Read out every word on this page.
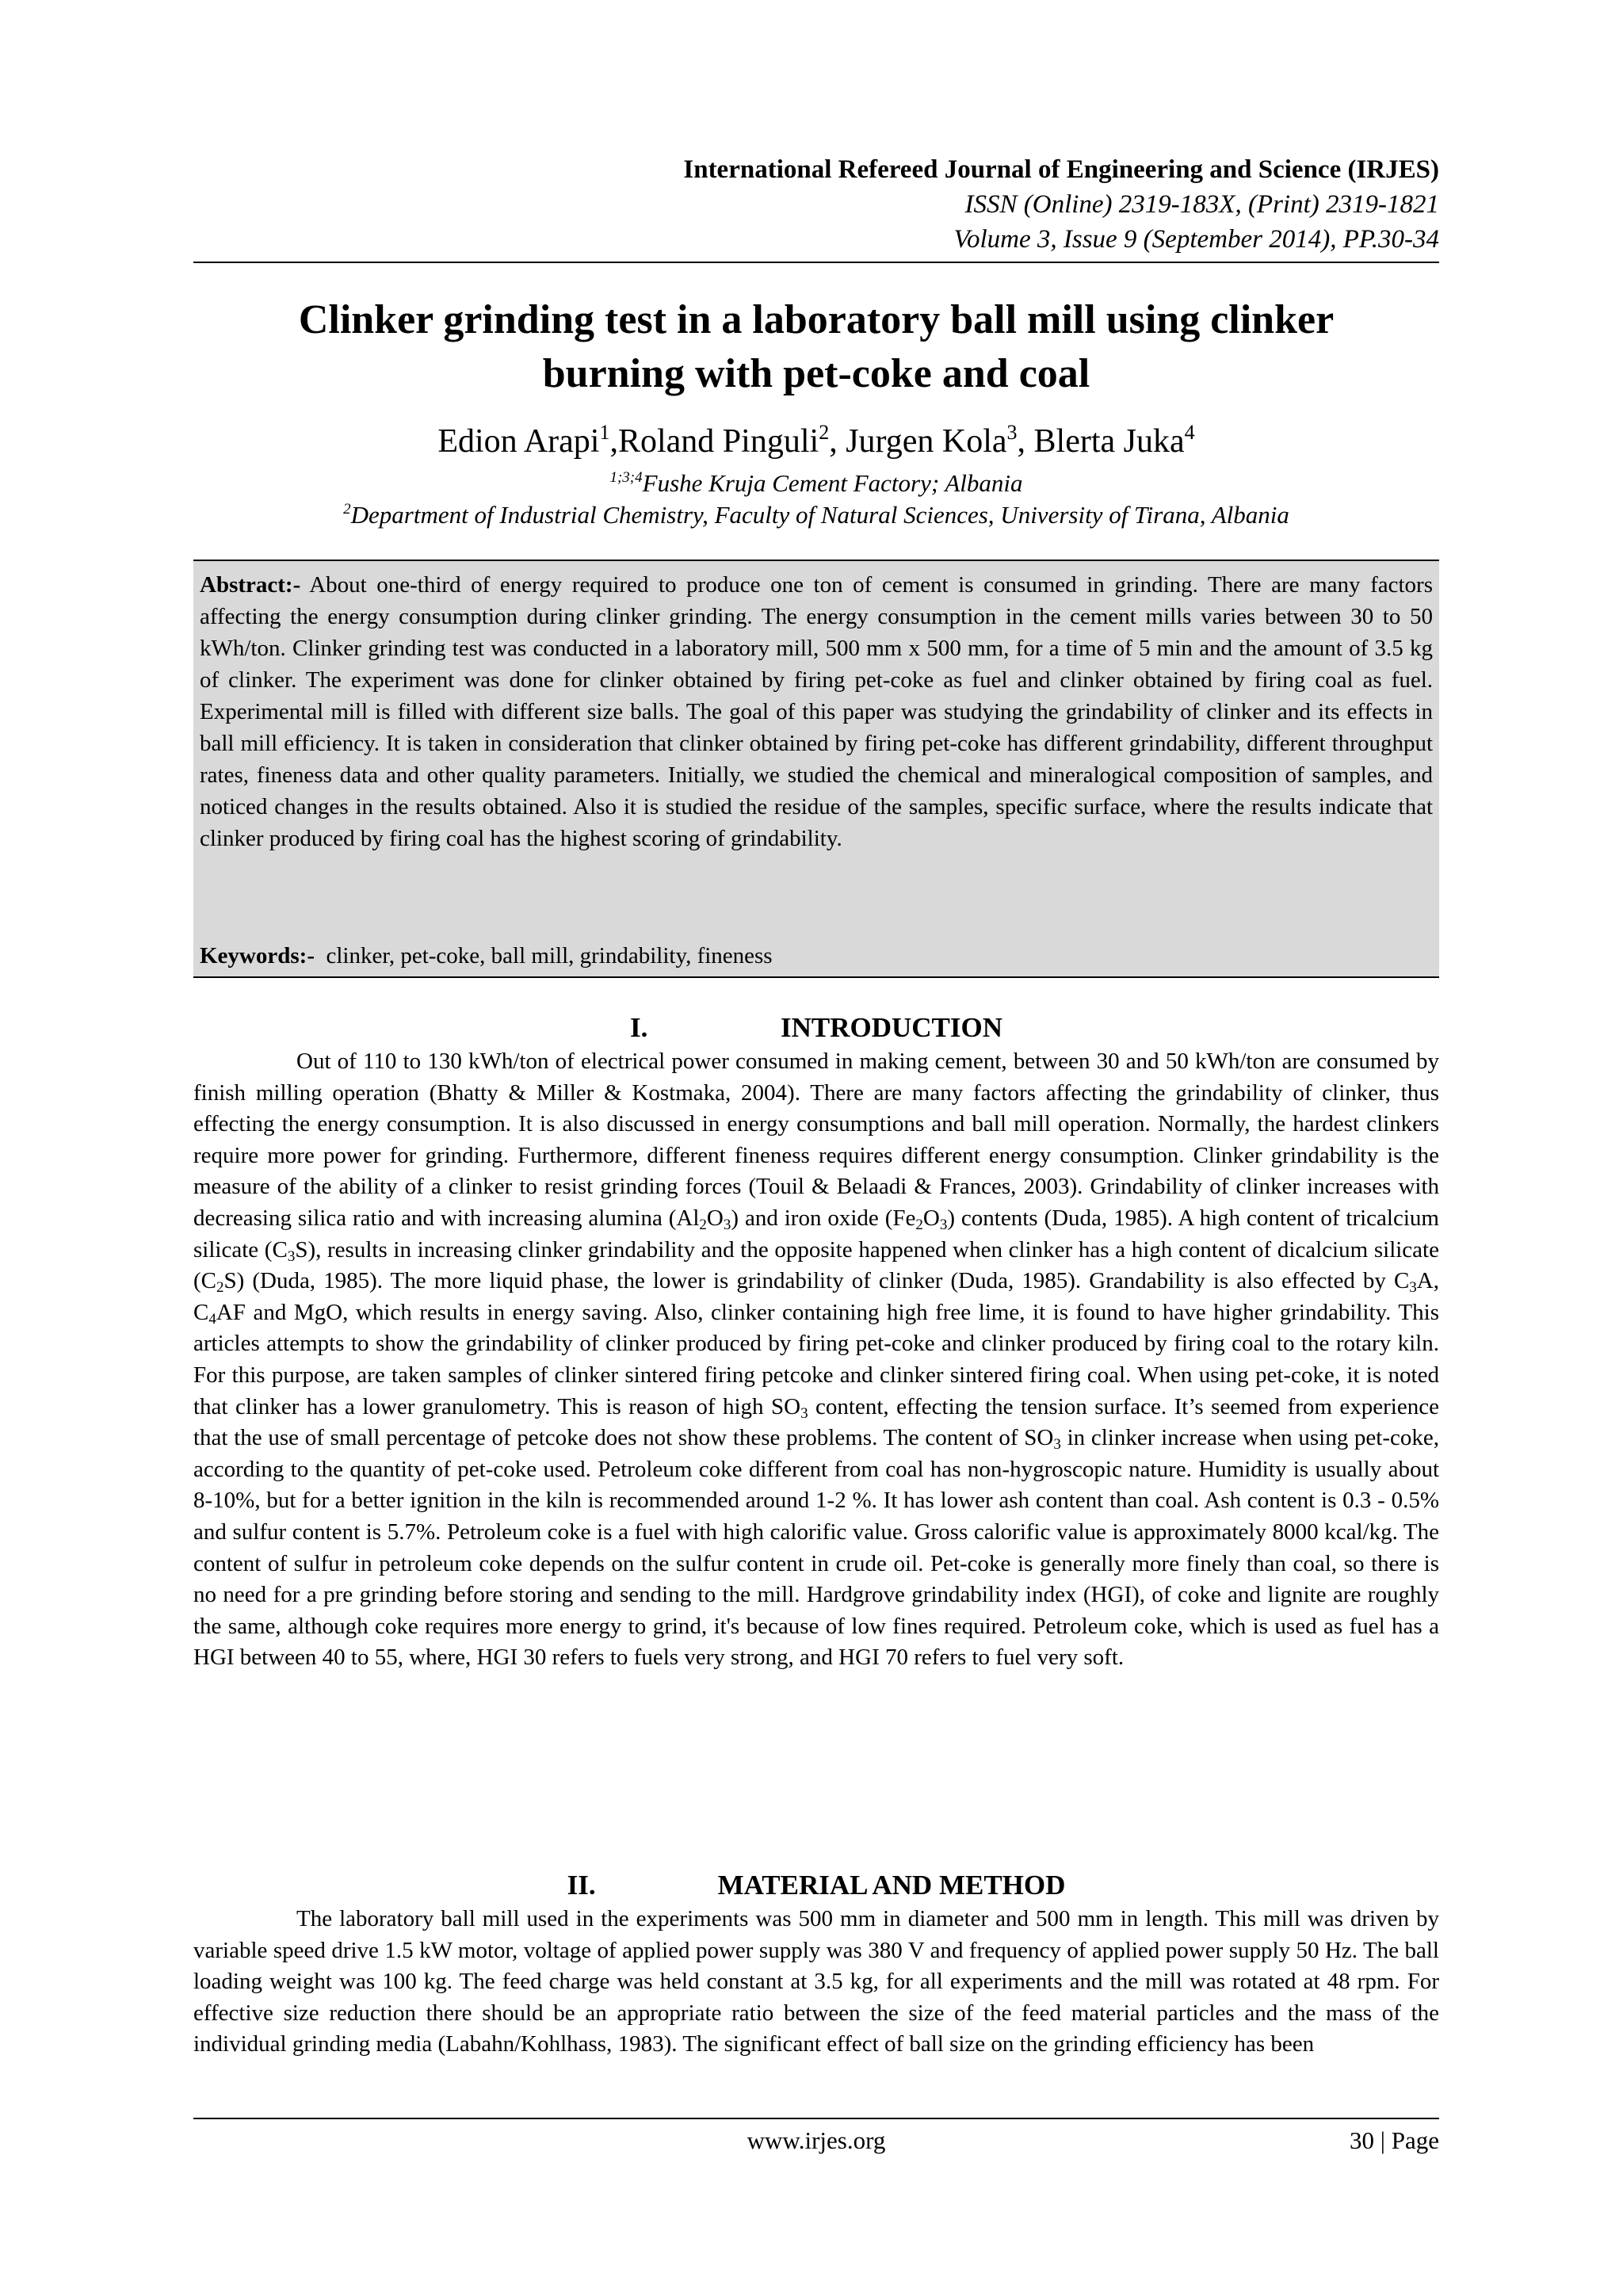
International Refereed Journal of Engineering and Science (IRJES)
ISSN (Online) 2319-183X, (Print) 2319-1821
Volume 3, Issue 9 (September 2014), PP.30-34
Clinker grinding test in a laboratory ball mill using clinker
burning with pet-coke and coal
Edion Arapi$^1$,Roland Pinguli$^2$, Jurgen Kola$^3$, Blerta Juka$^4$
$^{1;3;4}$Fushe Kruja Cement Factory; Albania
$^2$Department of Industrial Chemistry, Faculty of Natural Sciences, University of Tirana, Albania
Abstract:- About one-third of energy required to produce one ton of cement is consumed in grinding. There are many factors affecting the energy consumption during clinker grinding. The energy consumption in the cement mills varies between 30 to 50 kWh/ton. Clinker grinding test was conducted in a laboratory mill, 500 mm x 500 mm, for a time of 5 min and the amount of 3.5 kg of clinker. The experiment was done for clinker obtained by firing pet-coke as fuel and clinker obtained by firing coal as fuel. Experimental mill is filled with different size balls. The goal of this paper was studying the grindability of clinker and its effects in ball mill efficiency. It is taken in consideration that clinker obtained by firing pet-coke has different grindability, different throughput rates, fineness data and other quality parameters. Initially, we studied the chemical and mineralogical composition of samples, and noticed changes in the results obtained. Also it is studied the residue of the samples, specific surface, where the results indicate that clinker produced by firing coal has the highest scoring of grindability.
Keywords:-  clinker, pet-coke, ball mill, grindability, fineness
I.	INTRODUCTION

Out of 110 to 130 kWh/ton of electrical power consumed in making cement, between 30 and 50 kWh/ton are consumed by finish milling operation (Bhatty & Miller & Kostmaka, 2004). There are many factors affecting the grindability of clinker, thus effecting the energy consumption. It is also discussed in energy consumptions and ball mill operation. Normally, the hardest clinkers require more power for grinding. Furthermore, different fineness requires different energy consumption. Clinker grindability is the measure of the ability of a clinker to resist grinding forces (Touil & Belaadi & Frances, 2003). Grindability of clinker increases with decreasing silica ratio and with increasing alumina $(Al_2O_3)$ and iron oxide $(Fe_2O_3)$ contents (Duda, 1985). A high content of tricalcium silicate $(C_3S)$, results in increasing clinker grindability and the opposite happened when clinker has a high content of dicalcium silicate $(C_2S)$ (Duda, 1985). The more liquid phase, the lower is grindability of clinker (Duda, 1985). Grandability is also effected by $C_3A$, $C_4AF$ and MgO, which results in energy saving. Also, clinker containing high free lime, it is found to have higher grindability. This articles attempts to show the grindability of clinker produced by firing pet-coke and clinker produced by firing coal to the rotary kiln. For this purpose, are taken samples of clinker sintered firing petcoke and clinker sintered firing coal. When using pet-coke, it is noted that clinker has a lower granulometry. This is reason of high $SO_3$ content, effecting the tension surface. It’s seemed from experience that the use of small percentage of petcoke does not show these problems. The content of $SO_3$ in clinker increase when using pet-coke, according to the quantity of pet-coke used. Petroleum coke different from coal has non-hygroscopic nature. Humidity is usually about 8-10%, but for a better ignition in the kiln is recommended around 1-2 %. It has lower ash content than coal. Ash content is 0.3 - 0.5% and sulfur content is 5.7%. Petroleum coke is a fuel with high calorific value. Gross calorific value is approximately 8000 kcal/kg. The content of sulfur in petroleum coke depends on the sulfur content in crude oil. Pet-coke is generally more finely than coal, so there is no need for a pre grinding before storing and sending to the mill. Hardgrove grindability index (HGI), of coke and lignite are roughly the same, although coke requires more energy to grind, it's because of low fines required. Petroleum coke, which is used as fuel has a HGI between 40 to 55, where, HGI 30 refers to fuels very strong, and HGI 70 refers to fuel very soft.

II.	MATERIAL AND METHOD

The laboratory ball mill used in the experiments was 500 mm in diameter and 500 mm in length. This mill was driven by variable speed drive 1.5 kW motor, voltage of applied power supply was 380 V and frequency of applied power supply 50 Hz. The ball loading weight was 100 kg. The feed charge was held constant at 3.5 kg, for all experiments and the mill was rotated at 48 rpm. For effective size reduction there should be an appropriate ratio between the size of the feed material particles and the mass of the individual grinding media (Labahn/Kohlhass, 1983). The significant effect of ball size on the grinding efficiency has been

www.irjes.org	30 | Page
